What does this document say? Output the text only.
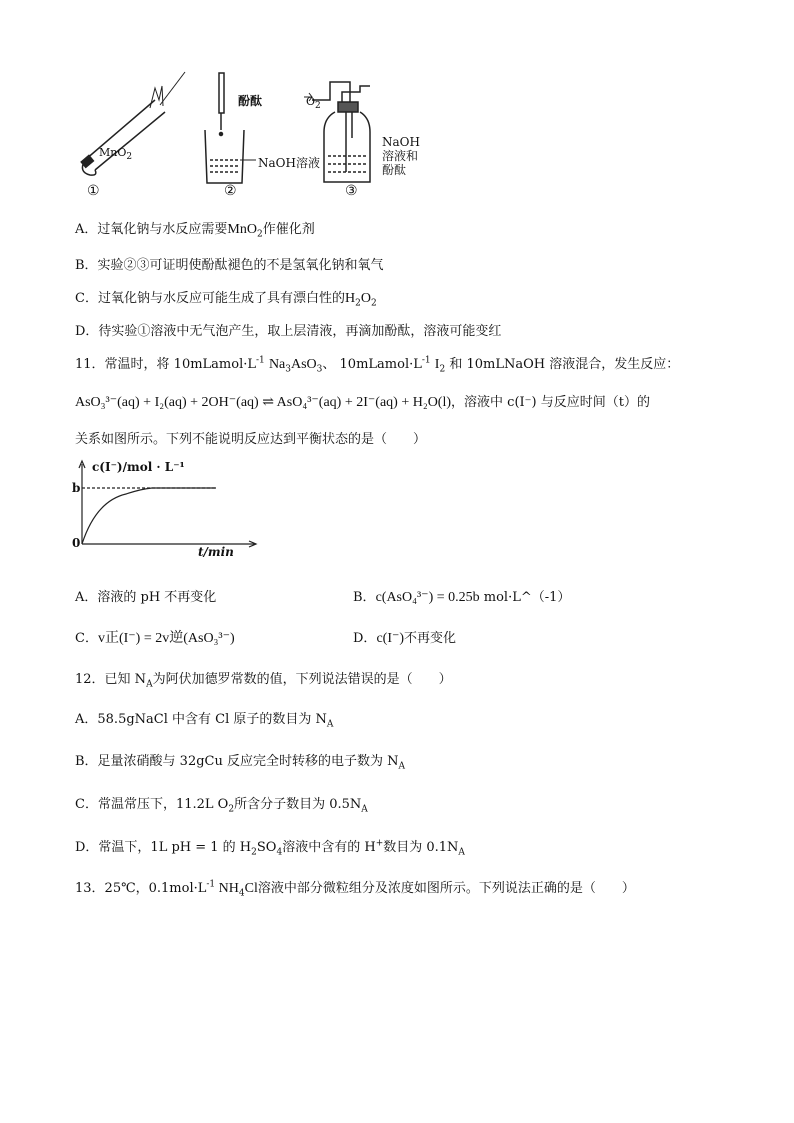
MnO$_2$
①
酚酞
NaOH溶液
②
$O_2$
NaOH
溶液和
酚酞
③
A．过氧化钠与水反应需要MnO$_2$作催化剂
B．实验②③可证明使酚酞褪色的不是氢氧化钠和氧气
C．过氧化钠与水反应可能生成了具有漂白性的$H_2O_2$
D．待实验①溶液中无气泡产生，取上层清液，再滴加酚酞，溶液可能变红
11．常温时，将 $10mLamol\cdot L^{-1}$ $Na_3AsO_3$、 $10mLamol\cdot L^{-1}$ $I_2$ 和 10mLNaOH 溶液混合，发生反应：
AsO₃³⁻(aq) + I₂(aq) + 2OH⁻(aq) ⇌ AsO₄³⁻(aq) + 2I⁻(aq) + H₂O(l)，溶液中 c(I⁻) 与反应时间（t）的
关系如图所示。下列不能说明反应达到平衡状态的是（　　）
c(I⁻)/mol · L⁻¹
b
0
t/min
A．溶液的 pH 不再变化	B．c(AsO₄³⁻) = 0.25b mol·L^（-1）
C．v正(I⁻) = 2v逆(AsO₃³⁻)	D．c(I⁻)不再变化
12．已知 $N_A$为阿伏加德罗常数的值，下列说法错误的是（　　）
A．58.5gNaCl 中含有 Cl 原子的数目为 $N_A$
B．足量浓硝酸与 32gCu 反应完全时转移的电子数为 $N_A$
C．常温常压下，11.2L $O_2$所含分子数目为 $0.5N_A$
D．常温下，1L pH = 1 的 $H_2SO_4$溶液中含有的 H+数目为 $0.1N_A$
13．25℃，$0.1mol\cdot L^{-1}$ $NH_4Cl$溶液中部分微粒组分及浓度如图所示。下列说法正确的是（　　）
